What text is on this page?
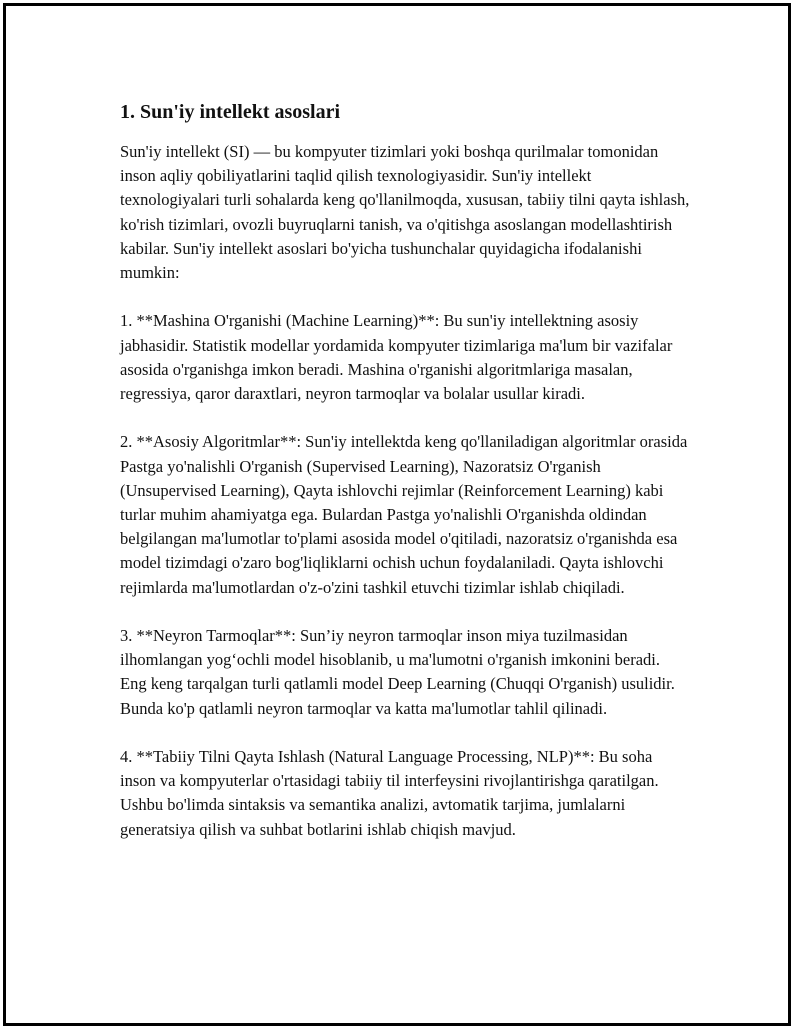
1. Sun'iy intellekt asoslari

Sun'iy intellekt (SI) — bu kompyuter tizimlari yoki boshqa qurilmalar tomonidan inson aqliy qobiliyatlarini taqlid qilish texnologiyasidir. Sun'iy intellekt texnologiyalari turli sohalarda keng qo'llanilmoqda, xususan, tabiiy tilni qayta ishlash, ko'rish tizimlari, ovozli buyruqlarni tanish, va o'qitishga asoslangan modellashtirish kabilar. Sun'iy intellekt asoslari bo'yicha tushunchalar quyidagicha ifodalanishi mumkin:

1. **Mashina O'rganishi (Machine Learning)**: Bu sun'iy intellektning asosiy jabhasidir. Statistik modellar yordamida kompyuter tizimlariga ma'lum bir vazifalar asosida o'rganishga imkon beradi. Mashina o'rganishi algoritmlariga masalan, regressiya, qaror daraxtlari, neyron tarmoqlar va bolalar usullar kiradi.

2. **Asosiy Algoritmlar**: Sun'iy intellektda keng qo'llaniladigan algoritmlar orasida Pastga yo'nalishli O'rganish (Supervised Learning), Nazoratsiz O'rganish (Unsupervised Learning), Qayta ishlovchi rejimlar (Reinforcement Learning) kabi turlar muhim ahamiyatga ega. Bulardan Pastga yo'nalishli O'rganishda oldindan belgilangan ma'lumotlar to'plami asosida model o'qitiladi, nazoratsiz o'rganishda esa model tizimdagi o'zaro bog'liqliklarni ochish uchun foydalaniladi. Qayta ishlovchi rejimlarda ma'lumotlardan o'z-o'zini tashkil etuvchi tizimlar ishlab chiqiladi.

3. **Neyron Tarmoqlar**: Sun’iy neyron tarmoqlar inson miya tuzilmasidan ilhomlangan yog‘ochli model hisoblanib, u ma'lumotni o'rganish imkonini beradi. Eng keng tarqalgan turli qatlamli model Deep Learning (Chuqqi O'rganish) usulidir. Bunda ko'p qatlamli neyron tarmoqlar va katta ma'lumotlar tahlil qilinadi.

4. **Tabiiy Tilni Qayta Ishlash (Natural Language Processing, NLP)**: Bu soha inson va kompyuterlar o'rtasidagi tabiiy til interfeysini rivojlantirishga qaratilgan. Ushbu bo'limda sintaksis va semantika analizi, avtomatik tarjima, jumlalarni generatsiya qilish va suhbat botlarini ishlab chiqish mavjud.
